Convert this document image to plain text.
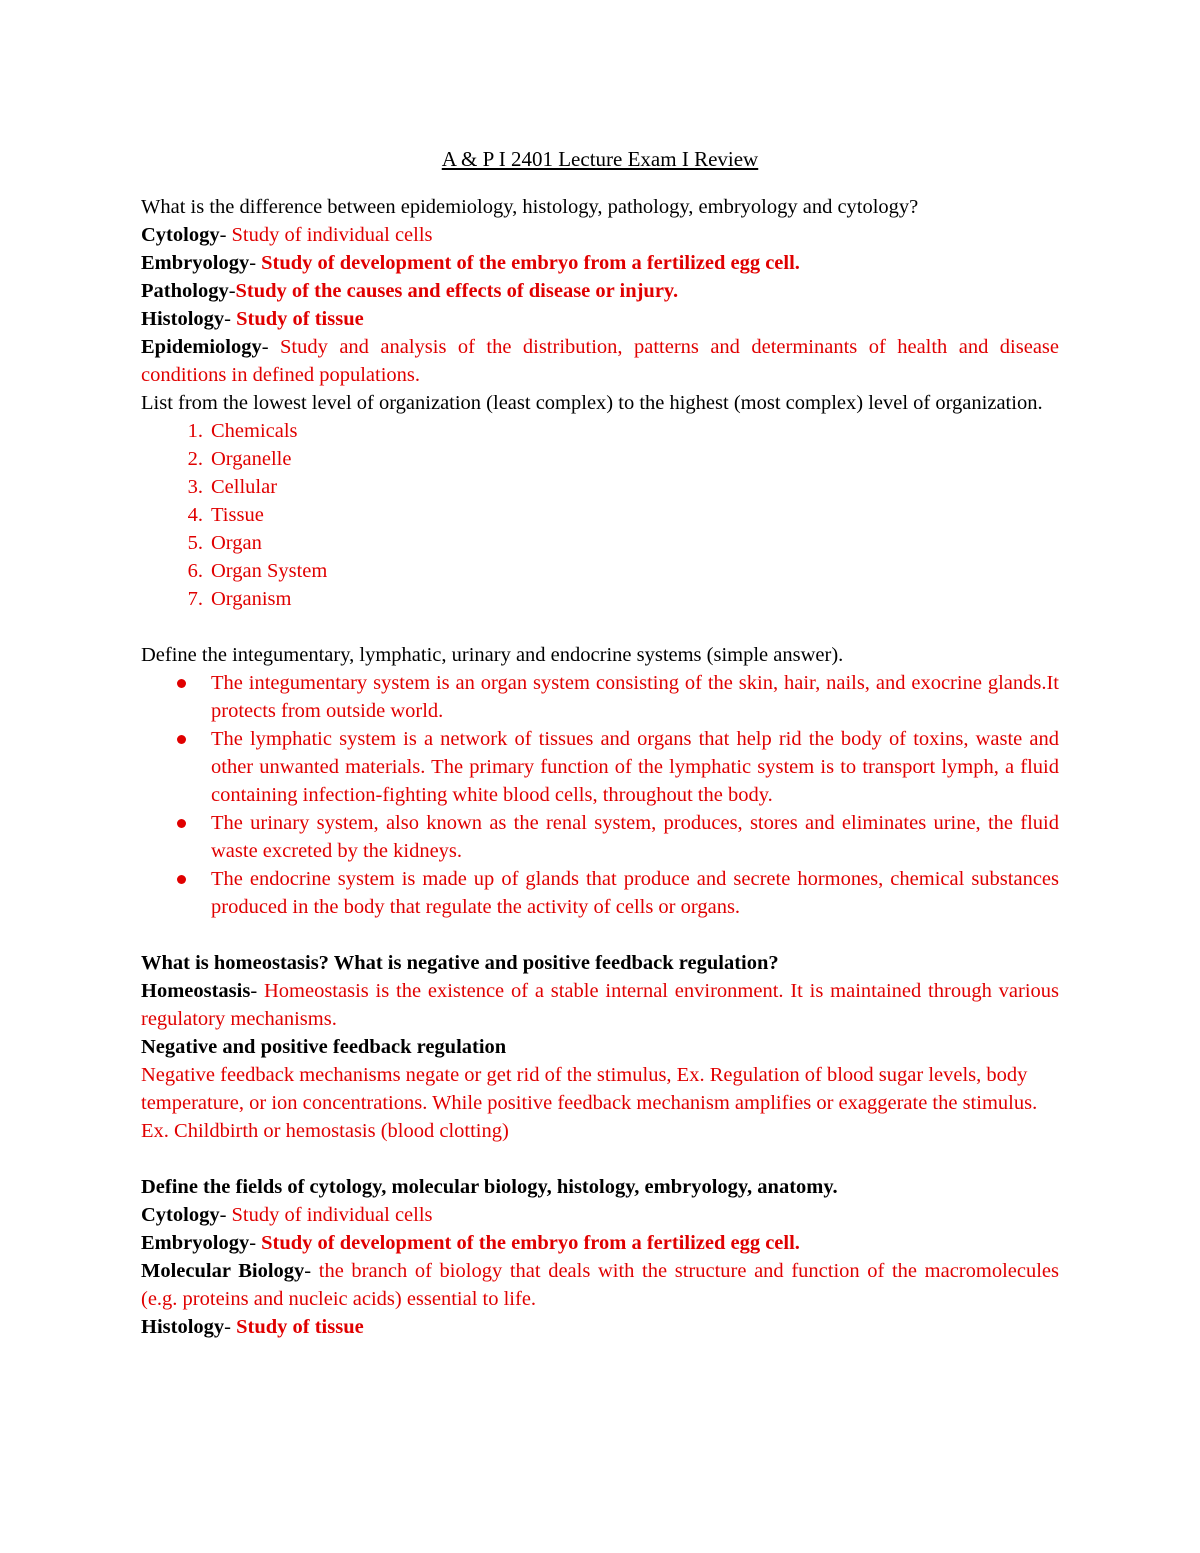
A & P I 2401 Lecture Exam I Review

What is the difference between epidemiology, histology, pathology, embryology and cytology?

Cytology- Study of individual cells

Embryology- Study of development of the embryo from a fertilized egg cell.

Pathology-Study of the causes and effects of disease or injury.

Histology- Study of tissue

Epidemiology- Study and analysis of the distribution, patterns and determinants of health and disease conditions in defined populations.

List from the lowest level of organization (least complex) to the highest (most complex) level of organization.

1. Chemicals
2. Organelle
3. Cellular
4. Tissue
5. Organ
6. Organ System
7. Organism

Define the integumentary, lymphatic, urinary and endocrine systems (simple answer).

The integumentary system is an organ system consisting of the skin, hair, nails, and exocrine glands.It protects from outside world.
The lymphatic system is a network of tissues and organs that help rid the body of toxins, waste and other unwanted materials. The primary function of the lymphatic system is to transport lymph, a fluid containing infection-fighting white blood cells, throughout the body.
The urinary system, also known as the renal system, produces, stores and eliminates urine, the fluid waste excreted by the kidneys.
The endocrine system is made up of glands that produce and secrete hormones, chemical substances produced in the body that regulate the activity of cells or organs.

What is homeostasis? What is negative and positive feedback regulation?

Homeostasis- Homeostasis is the existence of a stable internal environment. It is maintained through various regulatory mechanisms.

Negative and positive feedback regulation

Negative feedback mechanisms negate or get rid of the stimulus, Ex. Regulation of blood sugar levels, body temperature, or ion concentrations. While positive feedback mechanism amplifies or exaggerate the stimulus. Ex. Childbirth or hemostasis (blood clotting)

Define the fields of cytology, molecular biology, histology, embryology, anatomy.

Cytology- Study of individual cells

Embryology- Study of development of the embryo from a fertilized egg cell.

Molecular Biology- the branch of biology that deals with the structure and function of the macromolecules (e.g. proteins and nucleic acids) essential to life.

Histology- Study of tissue
